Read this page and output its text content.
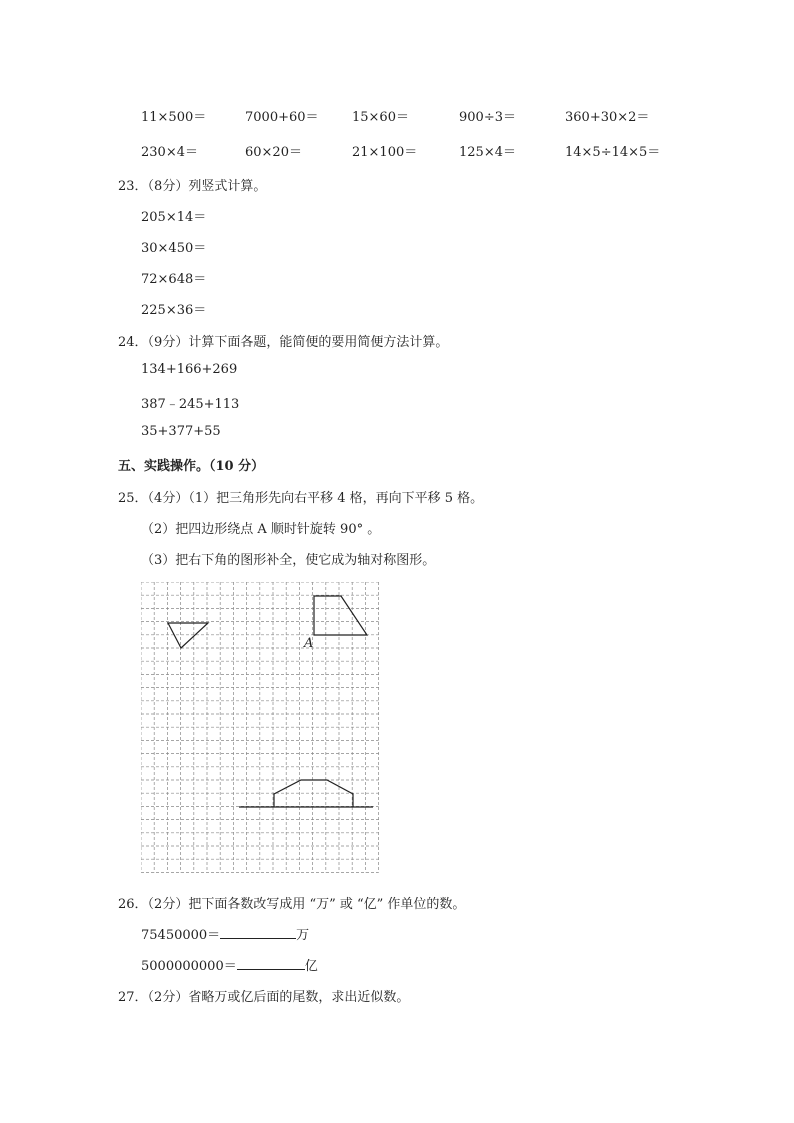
11×500＝	7000+60＝	15×60＝	900÷3＝	360+30×2＝
230×4＝	60×20＝	21×100＝	125×4＝	14×5÷14×5＝
23．（8分）列竖式计算。
205×14＝
30×450＝
72×648＝
225×36＝
24．（9分）计算下面各题，能简便的要用简便方法计算。
134+166+269
387﹣245+113
35+377+55
五、实践操作。（10 分）
25．（4分）（1）把三角形先向右平移 4 格，再向下平移 5 格。
（2）把四边形绕点 A 顺时针旋转 90° 。
（3）把右下角的图形补全，使它成为轴对称图形。
A
26．（2分）把下面各数改写成用 “万” 或 “亿” 作单位的数。
75450000＝	万
5000000000＝	亿
27．（2分）省略万或亿后面的尾数，求出近似数。
